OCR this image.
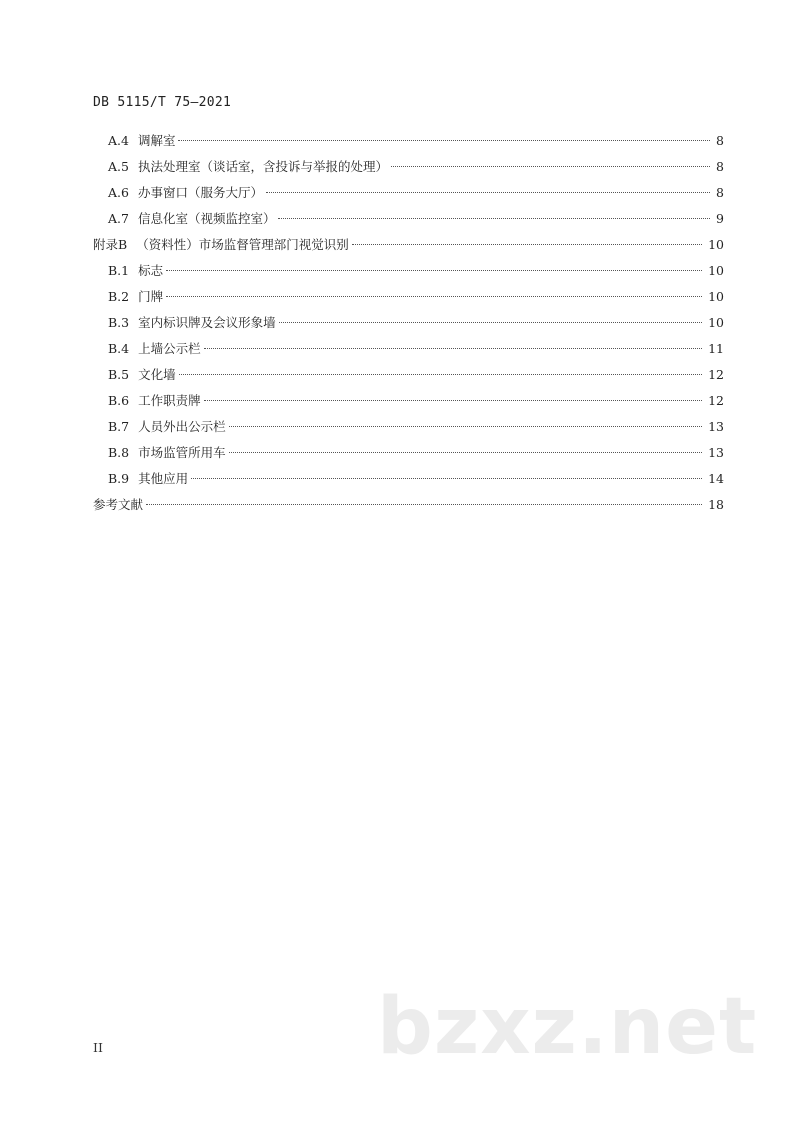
DB 5115/T 75—2021
A.4 调解室	8
A.5 执法处理室（谈话室，含投诉与举报的处理）	8
A.6 办事窗口（服务大厅）	8
A.7 信息化室（视频监控室）	9
附录B （资料性）市场监督管理部门视觉识别	10
B.1 标志	10
B.2 门牌	10
B.3 室内标识牌及会议形象墙	10
B.4 上墙公示栏	11
B.5 文化墙	12
B.6 工作职责牌	12
B.7 人员外出公示栏	13
B.8 市场监管所用车	13
B.9 其他应用	14
参考文献	18
II	bzxz.net
